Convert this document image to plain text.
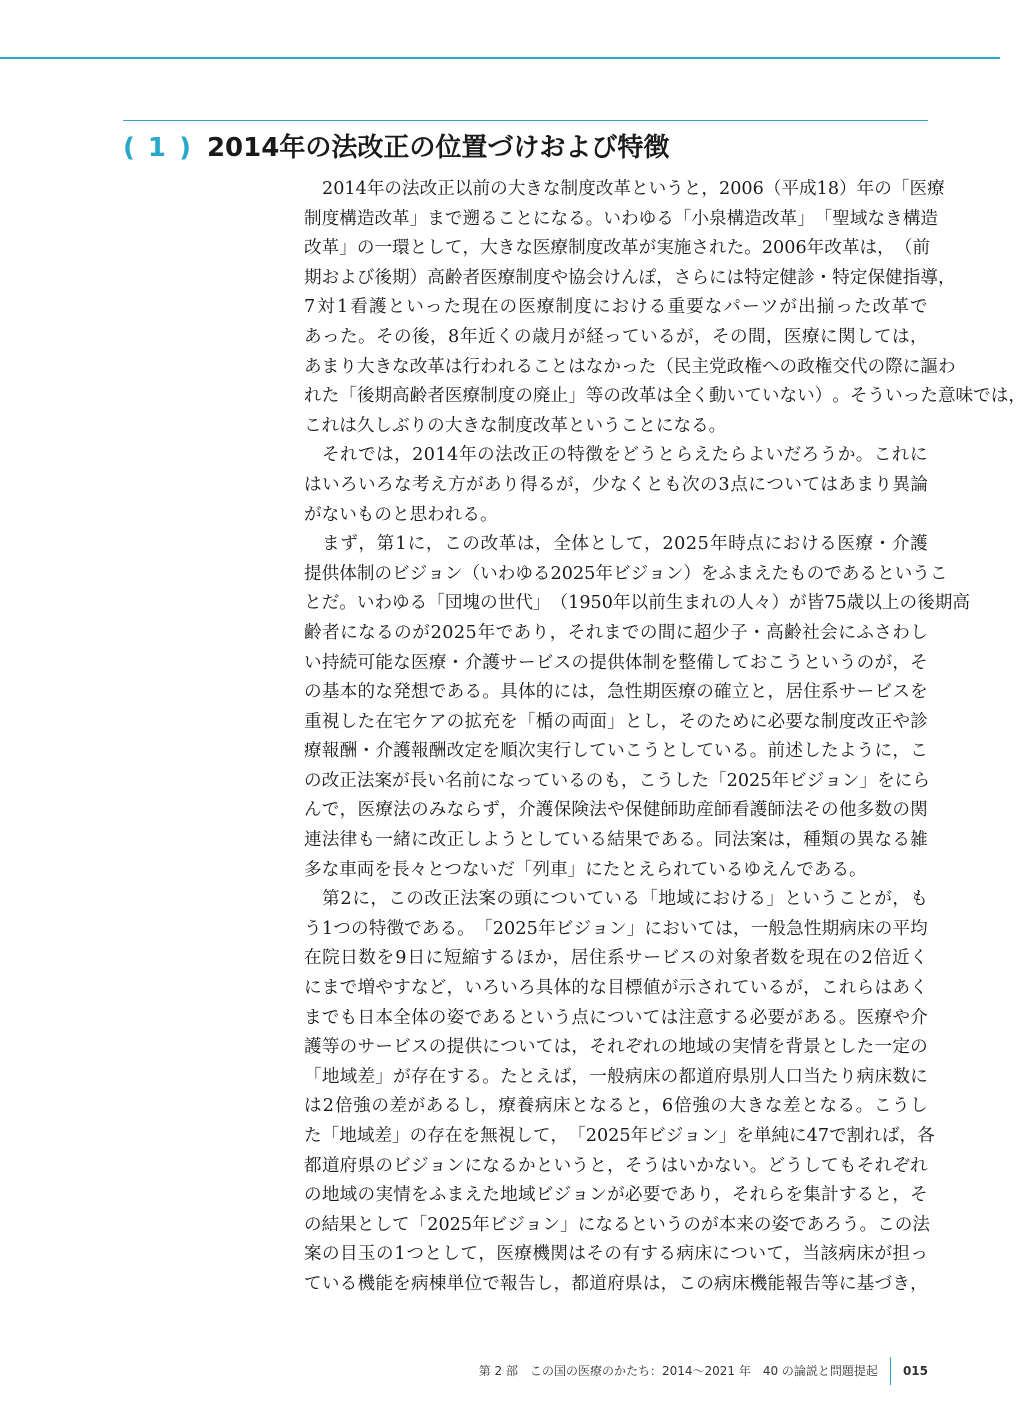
( 1 ) 2014年の法改正の位置づけおよび特徴
2 0 1 4 年 の 法 改 正 以 前 の 大 き な 制 度 改 革 と い う と ， 2 0 0 6 （ 平 成 1 8 ） 年 の 「 医 療
制 度 構 造 改 革 」 ま で 遡 る こ と に な る 。 い わ ゆ る 「 小 泉 構 造 改 革 」 「 聖 域 な き 構 造
改 革 」 の 一 環 と し て ， 大 き な 医 療 制 度 改 革 が 実 施 さ れ た 。 2 0 0 6 年 改 革 は ， （ 前
期 お よ び 後 期 ） 高 齢 者 医 療 制 度 や 協 会 け ん ぽ ， さ ら に は 特 定 健 診 ・ 特 定 保 健 指 導 ，
7 対 1 看 護 と い っ た 現 在 の 医 療 制 度 に お け る 重 要 な パ ー ツ が 出 揃 っ た 改 革 で
あ っ た 。 そ の 後 ， 8 年 近 く の 歳 月 が 経 っ て い る が ， そ の 間 ， 医 療 に 関 し て は ，
あ ま り 大 き な 改 革 は 行 わ れ る こ と は な か っ た （ 民 主 党 政 権 へ の 政 権 交 代 の 際 に 謳 わ
れ た 「 後 期 高 齢 者 医 療 制 度 の 廃 止 」 等 の 改 革 は 全 く 動 い て い な い ） 。 そ う い っ た 意 味 で は ，
これは久しぶりの大きな制度改革ということになる。
そ れ で は ， 2 0 1 4 年 の 法 改 正 の 特 徴 を ど う と ら え た ら よ い だ ろ う か 。 こ れ に
は い ろ い ろ な 考 え 方 が あ り 得 る が ， 少 な く と も 次 の 3 点 に つ い て は あ ま り 異 論
がないものと思われる。
ま ず ， 第 1 に ， こ の 改 革 は ， 全 体 と し て ， 2 0 2 5 年 時 点 に お け る 医 療 ・ 介 護
提 供 体 制 の ビ ジ ョ ン （ い わ ゆ る 2 0 2 5 年 ビ ジ ョ ン ） を ふ ま え た も の で あ る と い う こ
と だ 。 い わ ゆ る 「 団 塊 の 世 代 」 （ 1 9 5 0 年 以 前 生 ま れ の 人 々 ） が 皆 7 5 歳 以 上 の 後 期 高
齢 者 に な る の が 2 0 2 5 年 で あ り ， そ れ ま で の 間 に 超 少 子 ・ 高 齢 社 会 に ふ さ わ し
い 持 続 可 能 な 医 療 ・ 介 護 サ ー ビ ス の 提 供 体 制 を 整 備 し て お こ う と い う の が ， そ
の 基 本 的 な 発 想 で あ る 。 具 体 的 に は ， 急 性 期 医 療 の 確 立 と ， 居 住 系 サ ー ビ ス を
重 視 し た 在 宅 ケ ア の 拡 充 を 「 楯 の 両 面 」 と し ， そ の た め に 必 要 な 制 度 改 正 や 診
療 報 酬 ・ 介 護 報 酬 改 定 を 順 次 実 行 し て い こ う と し て い る 。 前 述 し た よ う に ， こ
の 改 正 法 案 が 長 い 名 前 に な っ て い る の も ， こ う し た 「 2 0 2 5 年 ビ ジ ョ ン 」 を に ら
ん で ， 医 療 法 の み な ら ず ， 介 護 保 険 法 や 保 健 師 助 産 師 看 護 師 法 そ の 他 多 数 の 関
連 法 律 も 一 緒 に 改 正 し よ う と し て い る 結 果 で あ る 。 同 法 案 は ， 種 類 の 異 な る 雑
多な車両を長々とつないだ「列車」にたとえられているゆえんである。
第 2 に ， こ の 改 正 法 案 の 頭 に つ い て い る 「 地 域 に お け る 」 と い う こ と が ， も
う 1 つ の 特 徴 で あ る 。 「 2 0 2 5 年 ビ ジ ョ ン 」 に お い て は ， 一 般 急 性 期 病 床 の 平 均
在 院 日 数 を 9 日 に 短 縮 す る ほ か ， 居 住 系 サ ー ビ ス の 対 象 者 数 を 現 在 の 2 倍 近 く
に ま で 増 や す な ど ， い ろ い ろ 具 体 的 な 目 標 値 が 示 さ れ て い る が ， こ れ ら は あ く
ま で も 日 本 全 体 の 姿 で あ る と い う 点 に つ い て は 注 意 す る 必 要 が あ る 。 医 療 や 介
護 等 の サ ー ビ ス の 提 供 に つ い て は ， そ れ ぞ れ の 地 域 の 実 情 を 背 景 と し た 一 定 の
「 地 域 差 」 が 存 在 す る 。 た と え ば ， 一 般 病 床 の 都 道 府 県 別 人 口 当 た り 病 床 数 に
は 2 倍 強 の 差 が あ る し ， 療 養 病 床 と な る と ， 6 倍 強 の 大 き な 差 と な る 。 こ う し
た 「 地 域 差 」 の 存 在 を 無 視 し て ， 「 2 0 2 5 年 ビ ジ ョ ン 」 を 単 純 に 4 7 で 割 れ ば ， 各
都 道 府 県 の ビ ジ ョ ン に な る か と い う と ， そ う は い か な い 。 ど う し て も そ れ ぞ れ
の 地 域 の 実 情 を ふ ま え た 地 域 ビ ジ ョ ン が 必 要 で あ り ， そ れ ら を 集 計 す る と ， そ
の 結 果 と し て 「 2 0 2 5 年 ビ ジ ョ ン 」 に な る と い う の が 本 来 の 姿 で あ ろ う 。 こ の 法
案 の 目 玉 の 1 つ と し て ， 医 療 機 関 は そ の 有 す る 病 床 に つ い て ， 当 該 病 床 が 担 っ
て い る 機 能 を 病 棟 単 位 で 報 告 し ， 都 道 府 県 は ， こ の 病 床 機 能 報 告 等 に 基 づ き ，
第 2 部　この国の医療のかたち：2014〜2021 年　40 の論説と問題提起 015
